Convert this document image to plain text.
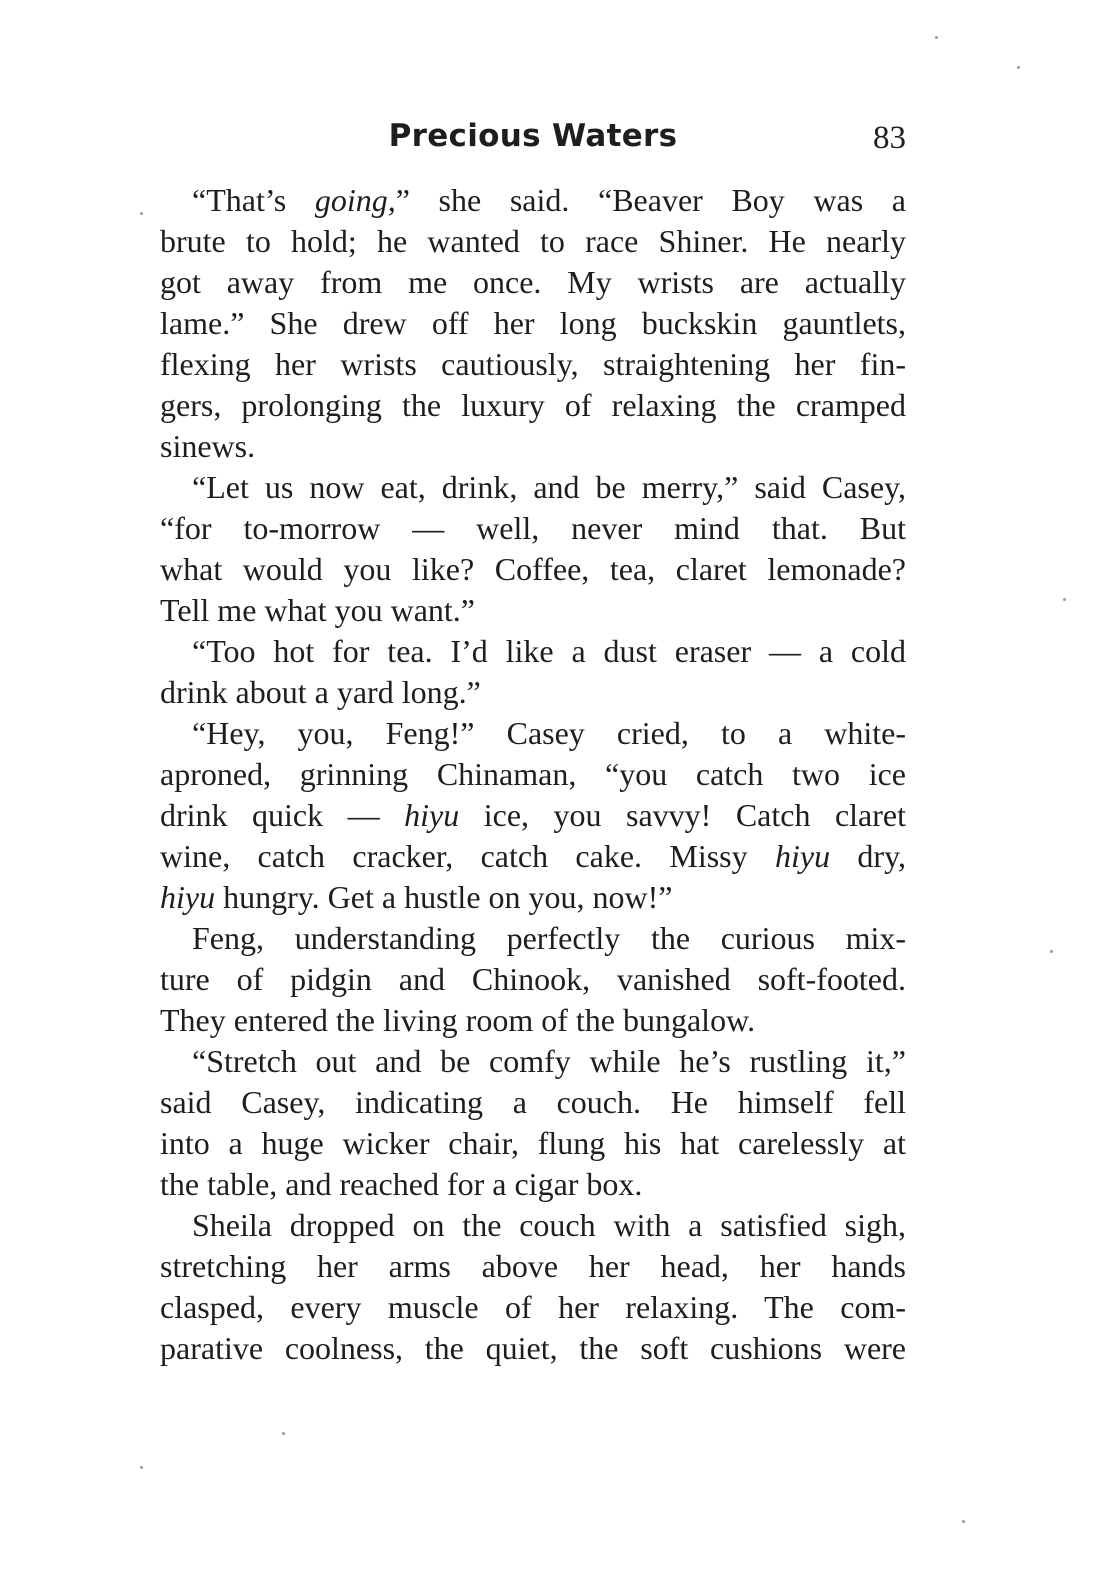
Precious Waters	83
“That’s going,” she said. “Beaver Boy was a
brute to hold; he wanted to race Shiner. He nearly
got away from me once. My wrists are actually
lame.” She drew off her long buckskin gauntlets,
flexing her wrists cautiously, straightening her fin-
gers, prolonging the luxury of relaxing the cramped
sinews.
“Let us now eat, drink, and be merry,” said Casey,
“for to-morrow — well, never mind that. But
what would you like? Coffee, tea, claret lemonade?
Tell me what you want.”
“Too hot for tea. I’d like a dust eraser — a cold
drink about a yard long.”
“Hey, you, Feng!” Casey cried, to a white-
aproned, grinning Chinaman, “you catch two ice
drink quick — hiyu ice, you savvy! Catch claret
wine, catch cracker, catch cake. Missy hiyu dry,
hiyu hungry. Get a hustle on you, now!”
Feng, understanding perfectly the curious mix-
ture of pidgin and Chinook, vanished soft-footed.
They entered the living room of the bungalow.
“Stretch out and be comfy while he’s rustling it,”
said Casey, indicating a couch. He himself fell
into a huge wicker chair, flung his hat carelessly at
the table, and reached for a cigar box.
Sheila dropped on the couch with a satisfied sigh,
stretching her arms above her head, her hands
clasped, every muscle of her relaxing. The com-
parative coolness, the quiet, the soft cushions were
